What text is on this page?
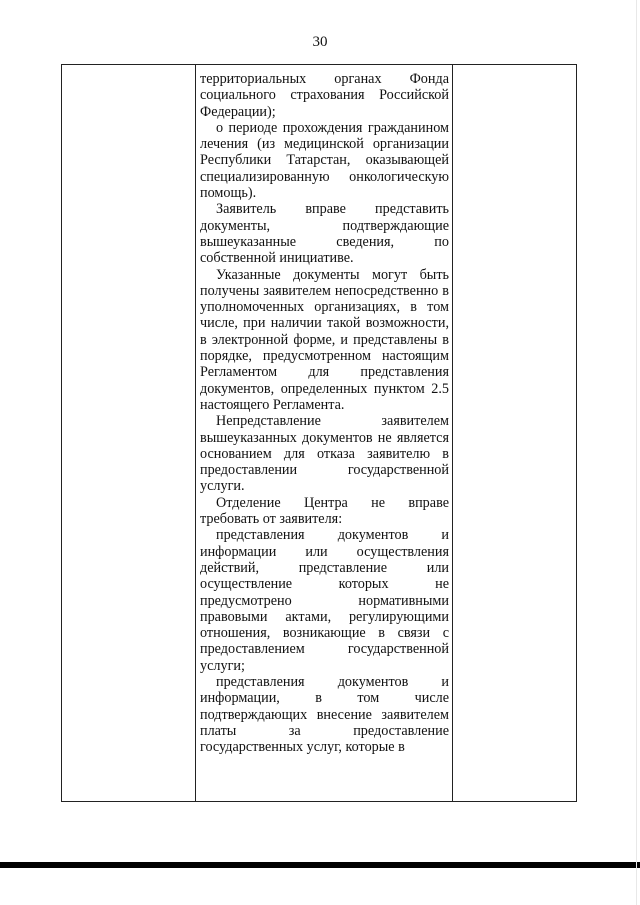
30

территориальных органах Фонда социального страхования Российской Федерации);

о периоде прохождения гражданином лечения (из медицинской организации Республики Татарстан, оказывающей специализированную онкологическую помощь).

Заявитель вправе представить документы, подтверждающие вышеуказанные сведения, по собственной инициативе.

Указанные документы могут быть получены заявителем непосредственно в уполномоченных организациях, в том числе, при наличии такой возможности, в электронной форме, и представлены в порядке, предусмотренном настоящим Регламентом для представления документов, определенных пунктом 2.5 настоящего Регламента.

Непредставление заявителем вышеуказанных документов не является основанием для отказа заявителю в предоставлении государственной услуги.

Отделение Центра не вправе требовать от заявителя:

представления документов и информации или осуществления действий, представление или осуществление которых не предусмотрено нормативными правовыми актами, регулирующими отношения, возникающие в связи с предоставлением государственной услуги;

представления документов и информации, в том числе подтверждающих внесение заявителем платы за предоставление государственных услуг, которые в
